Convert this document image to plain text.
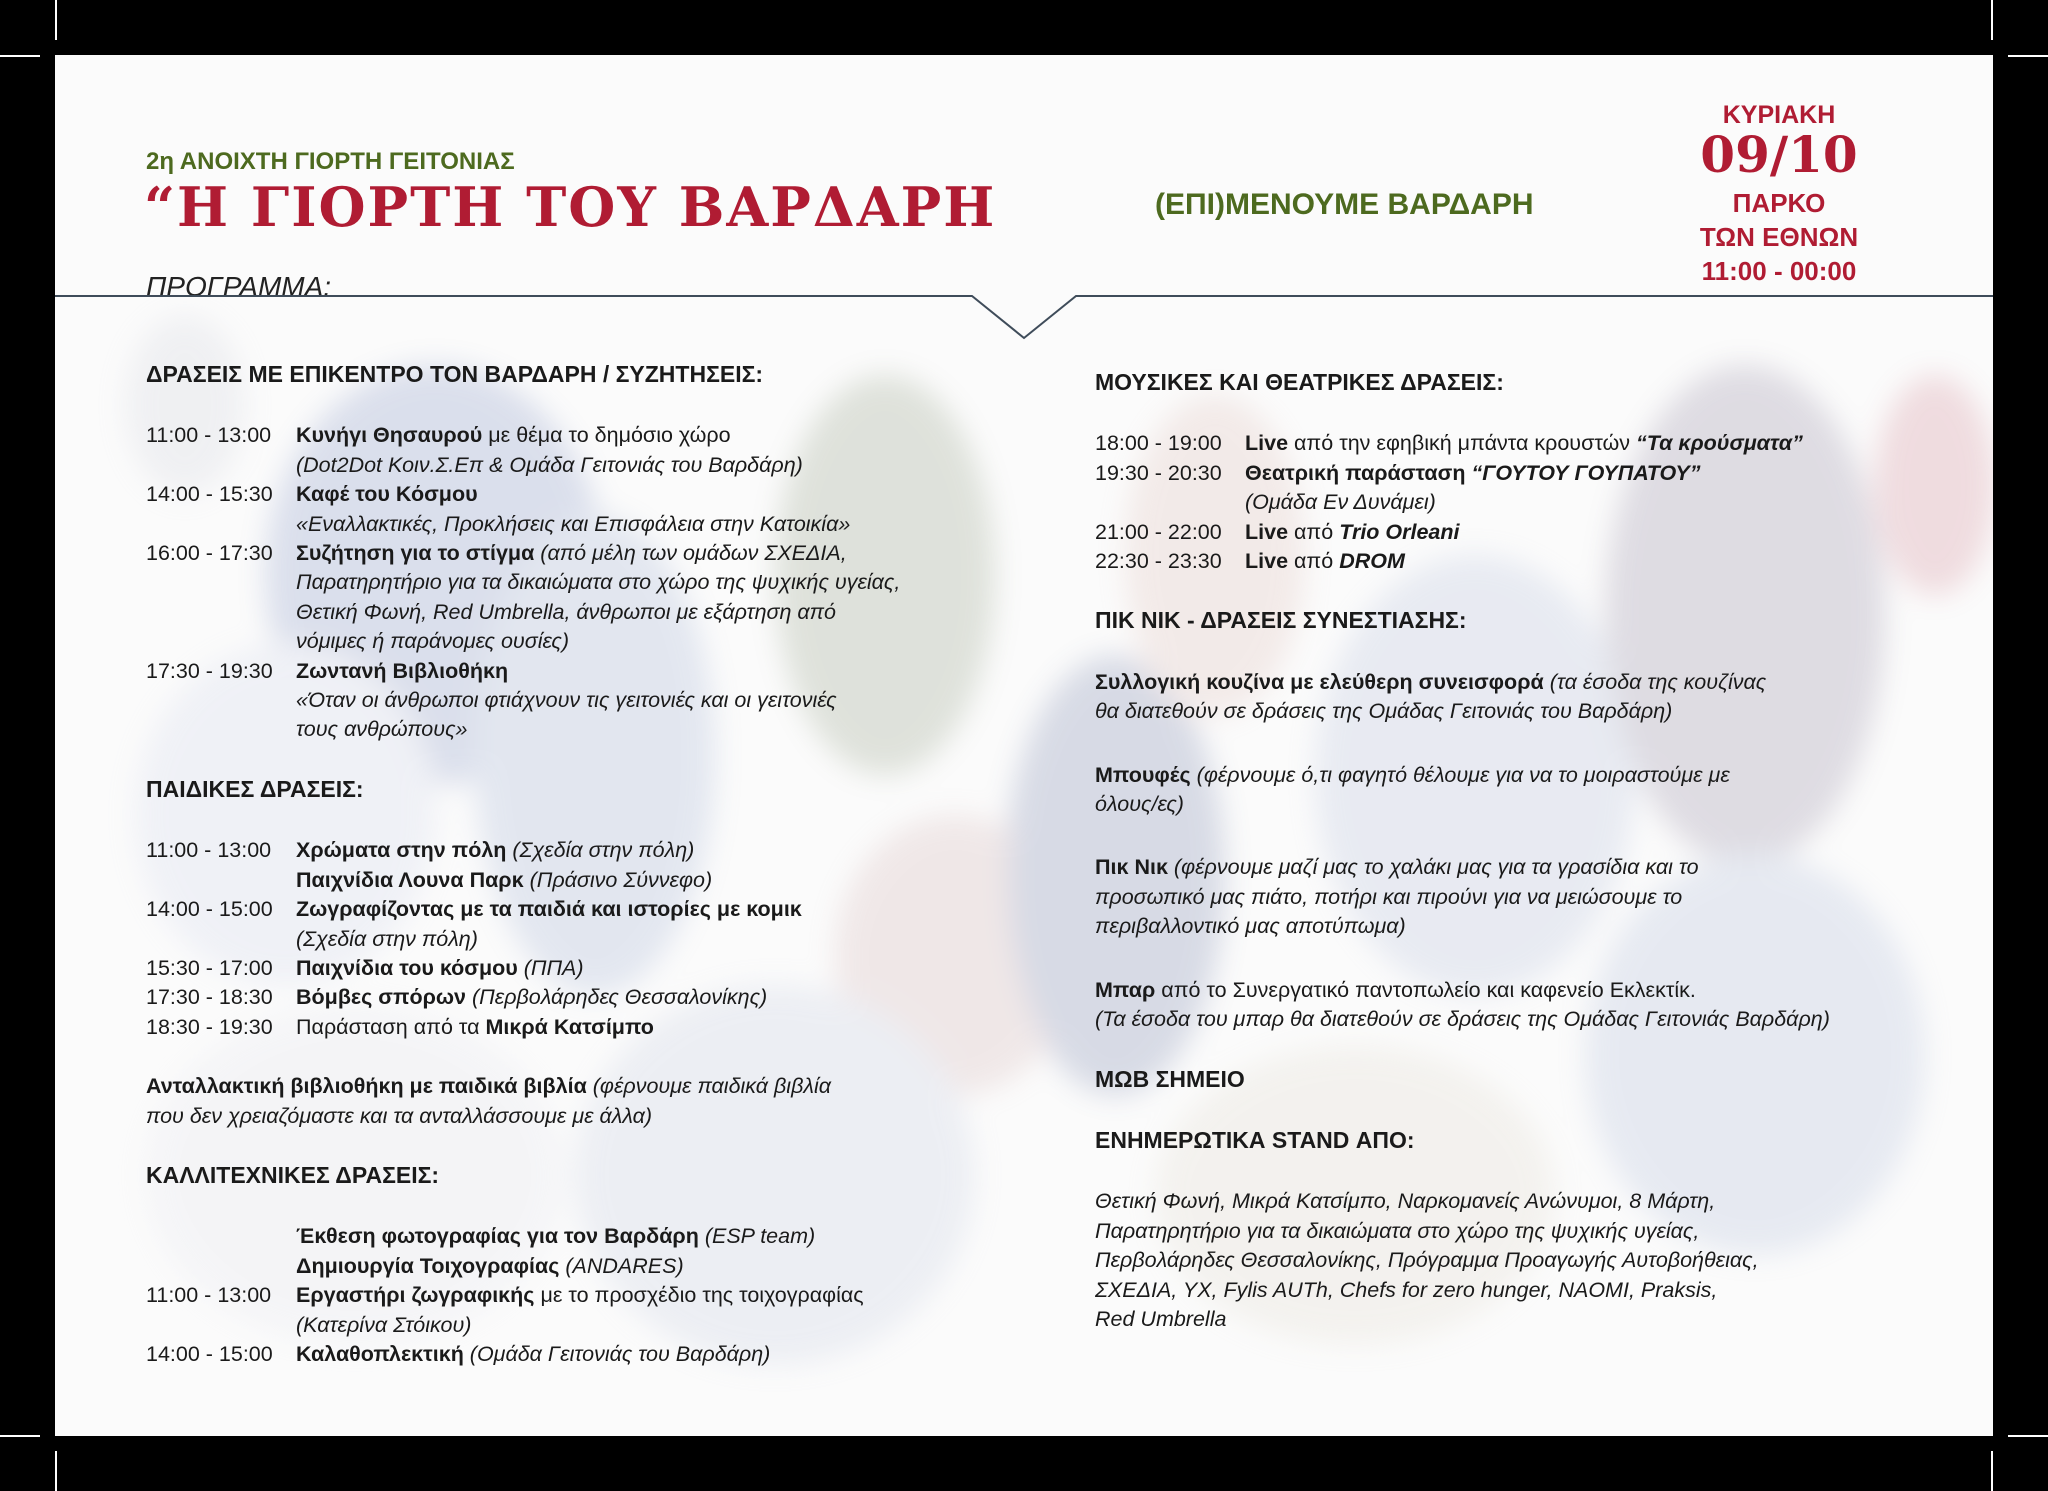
2η ΑΝΟΙΧΤΗ ΓΙΟΡΤΗ ΓΕΙΤΟΝΙΑΣ
“Η ΓΙΟΡΤΗ ΤΟΥ ΒΑΡΔΑΡΗ
ΠΡΟΓΡΑΜΜΑ:
(ΕΠΙ)ΜΕΝΟΥΜΕ ΒΑΡΔΑΡΗ
ΚΥΡΙΑΚΗ
09/10
ΠΑΡΚΟ
ΤΩΝ ΕΘΝΩΝ
11:00 - 00:00
ΔΡΑΣΕΙΣ ΜΕ ΕΠΙΚΕΝΤΡΟ ΤΟΝ ΒΑΡΔΑΡΗ / ΣΥΖΗΤΗΣΕΙΣ:
11:00 - 13:00	Κυνήγι Θησαυρού με θέμα το δημόσιο χώρο
(Dot2Dot Κοιν.Σ.Επ & Ομάδα Γειτονιάς του Βαρδάρη)
14:00 - 15:30	Καφέ του Κόσμου
«Εναλλακτικές, Προκλήσεις και Επισφάλεια στην Κατοικία»
16:00 - 17:30	Συζήτηση για το στίγμα (από μέλη των ομάδων ΣΧΕΔΙΑ,
Παρατηρητήριο για τα δικαιώματα στο χώρο της ψυχικής υγείας,
Θετική Φωνή, Red Umbrella, άνθρωποι με εξάρτηση από
νόμιμες ή παράνομες ουσίες)
17:30 - 19:30	Ζωντανή Βιβλιοθήκη
«Όταν οι άνθρωποι φτιάχνουν τις γειτονιές και οι γειτονιές
τους ανθρώπους»
ΠΑΙΔΙΚΕΣ ΔΡΑΣΕΙΣ:
11:00 - 13:00	Χρώματα στην πόλη (Σχεδία στην πόλη)
Παιχνίδια Λουνα Παρκ (Πράσινο Σύννεφο)
14:00 - 15:00	Ζωγραφίζοντας με τα παιδιά και ιστορίες με κομικ
(Σχεδία στην πόλη)
15:30 - 17:00	Παιχνίδια του κόσμου (ΠΠΑ)
17:30 - 18:30	Βόμβες σπόρων (Περβολάρηδες Θεσσαλονίκης)
18:30 - 19:30	Παράσταση από τα Μικρά Κατσίμπο
Ανταλλακτική βιβλιοθήκη με παιδικά βιβλία (φέρνουμε παιδικά βιβλία
που δεν χρειαζόμαστε και τα ανταλλάσσουμε με άλλα)
ΚΑΛΛΙΤΕΧΝΙΚΕΣ ΔΡΑΣΕΙΣ:
Έκθεση φωτογραφίας για τον Βαρδάρη (ESP team)
Δημιουργία Τοιχογραφίας (ANDARES)
11:00 - 13:00	Εργαστήρι ζωγραφικής με το προσχέδιο της τοιχογραφίας
(Κατερίνα Στόικου)
14:00 - 15:00	Καλαθοπλεκτική (Ομάδα Γειτονιάς του Βαρδάρη)
ΜΟΥΣΙΚΕΣ ΚΑΙ ΘΕΑΤΡΙΚΕΣ ΔΡΑΣΕΙΣ:
18:00 - 19:00	Live από την εφηβική μπάντα κρουστών “Τα κρούσματα”
19:30 - 20:30	Θεατρική παράσταση “ΓΟΥΤΟΥ ΓΟΥΠΑΤΟΥ”
(Ομάδα Εν Δυνάμει)
21:00 - 22:00	Live από Trio Orleani
22:30 - 23:30	Live από DROM
ΠΙΚ ΝΙΚ - ΔΡΑΣΕΙΣ ΣΥΝΕΣΤΙΑΣΗΣ:
Συλλογική κουζίνα με ελεύθερη συνεισφορά (τα έσοδα της κουζίνας
θα διατεθούν σε δράσεις της Ομάδας Γειτονιάς του Βαρδάρη)
Μπουφές (φέρνουμε ό,τι φαγητό θέλουμε για να το μοιραστούμε με
όλους/ες)
Πικ Νικ (φέρνουμε μαζί μας το χαλάκι μας για τα γρασίδια και το
προσωπικό μας πιάτο, ποτήρι και πιρούνι για να μειώσουμε το
περιβαλλοντικό μας αποτύπωμα)
Μπαρ από το Συνεργατικό παντοπωλείο και καφενείο Εκλεκτίκ.
(Τα έσοδα του μπαρ θα διατεθούν σε δράσεις της Ομάδας Γειτονιάς Βαρδάρη)
ΜΩΒ ΣΗΜΕΙΟ
ΕΝΗΜΕΡΩΤΙΚΑ STAND ΑΠΟ:
Θετική Φωνή, Μικρά Κατσίμπο, Ναρκομανείς Ανώνυμοι, 8 Μάρτη,
Παρατηρητήριο για τα δικαιώματα στο χώρο της ψυχικής υγείας,
Περβολάρηδες Θεσσαλονίκης, Πρόγραμμα Προαγωγής Αυτοβοήθειας,
ΣΧΕΔΙΑ, ΥΧ, Fylis AUTh, Chefs for zero hunger, NAOMI, Praksis,
Red Umbrella
